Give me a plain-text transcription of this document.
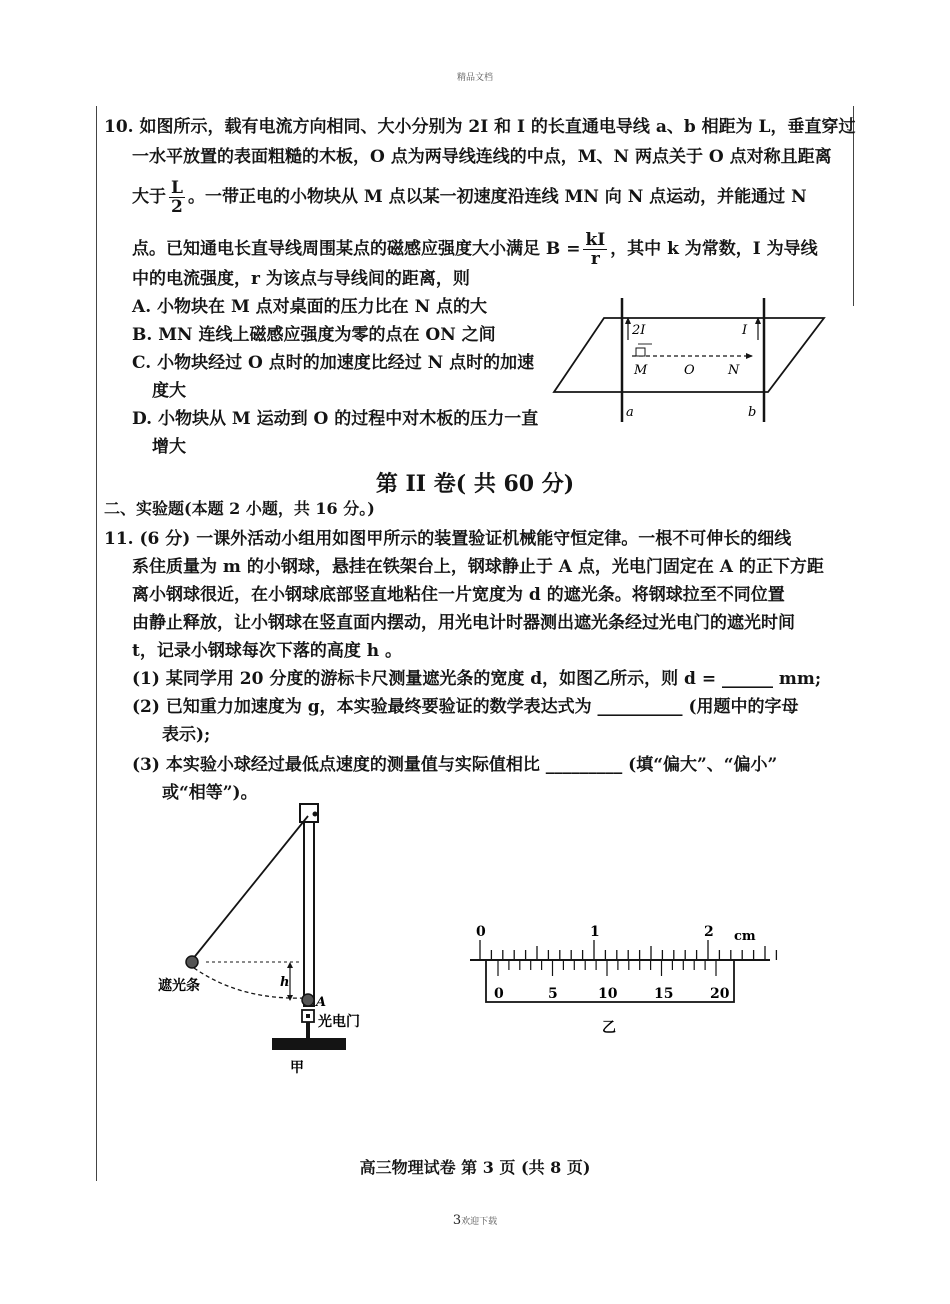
精品文档
10. 如图所示，载有电流方向相同、大小分别为 2I 和 I 的长直通电导线 a、b 相距为 L，垂直穿过
一水平放置的表面粗糙的木板，O 点为两导线连线的中点，M、N 两点关于 O 点对称且距离
大于 $\frac{L}{2}$ 。一带正电的小物块从 M 点以某一初速度沿连线 MN 向 N 点运动，并能通过 N
点。已知通电长直导线周围某点的磁感应强度大小满足 $B = \frac{kI}{r}$ ，其中 k 为常数，I 为导线
中的电流强度，r 为该点与导线间的距离，则
A. 小物块在 M 点对桌面的压力比在 N 点的大
B. MN 连线上磁感应强度为零的点在 ON 之间
C. 小物块经过 O 点时的加速度比经过 N 点时的加速
度大
D. 小物块从 M 运动到 O 的过程中对木板的压力一直
增大
2I	I
M	O	N
a	b
第 II 卷( 共 60 分)
二、实验题(本题 2 小题，共 16 分。)
11. (6 分) 一课外活动小组用如图甲所示的装置验证机械能守恒定律。一根不可伸长的细线
系住质量为 m 的小钢球，悬挂在铁架台上，钢球静止于 A 点，光电门固定在 A 的正下方距
离小钢球很近，在小钢球底部竖直地粘住一片宽度为 d 的遮光条。将钢球拉至不同位置
由静止释放，让小钢球在竖直面内摆动，用光电计时器测出遮光条经过光电门的遮光时间
t，记录小钢球每次下落的高度 h 。
(1) 某同学用 20 分度的游标卡尺测量遮光条的宽度 d，如图乙所示，则 d = ______ mm;
(2) 已知重力加速度为 g，本实验最终要验证的数学表达式为 __________ (用题中的字母
表示);
(3) 本实验小球经过最低点速度的测量值与实际值相比 _________ (填“偏大”、“偏小”
或“相等”)。
h
A
光电门
遮光条
甲
0	1	2 cm
0	5	10	15	20
乙
高三物理试卷 第 3 页 (共 8 页)
3欢迎下载
